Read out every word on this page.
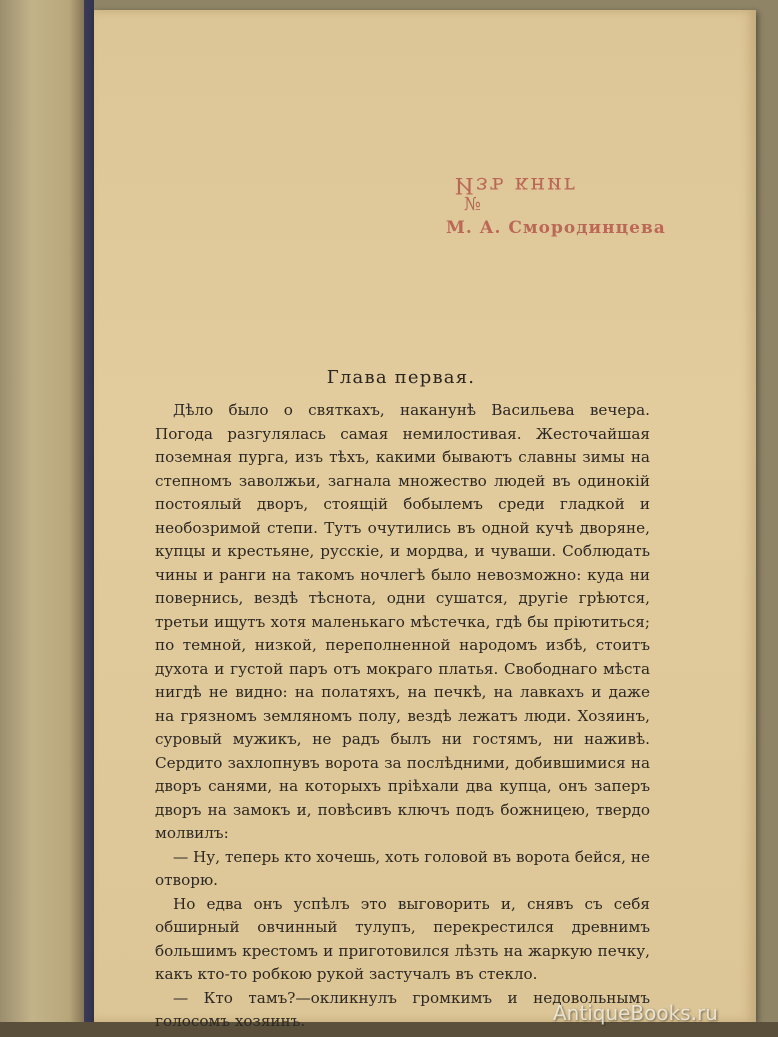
Изъ книг
№
М. А. Смородинцева
Глава первая.

Дѣло было о святкахъ, наканунѣ Васильева вечера. Погода разгулялась самая немилостивая. Жесточайшая поземная пурга, изъ тѣхъ, какими бываютъ славны зимы на степномъ заволжьи, загнала множество людей въ одинокій постоялый дворъ, стоящій бобылемъ среди гладкой и необозримой степи. Тутъ очутились въ одной кучѣ дворяне, купцы и крестьяне, русскіе, и мордва, и чуваши. Соблюдать чины и ранги на такомъ ночлегѣ было невозможно: куда ни повернись, вездѣ тѣснота, одни сушатся, другіе грѣются, третьи ищутъ хотя маленькаго мѣстечка, гдѣ бы пріютиться; по темной, низкой, переполненной народомъ избѣ, стоитъ духота и густой паръ отъ мокраго платья. Свободнаго мѣста нигдѣ не видно: на полатяхъ, на печкѣ, на лавкахъ и даже на грязномъ земляномъ полу, вездѣ лежатъ люди. Хозяинъ, суровый мужикъ, не радъ былъ ни гостямъ, ни наживѣ. Сердито захлопнувъ ворота за послѣдними, добившимися на дворъ санями, на которыхъ пріѣхали два купца, онъ заперъ дворъ на замокъ и, повѣсивъ ключъ подъ божницею, твердо молвилъ:

— Ну, теперь кто хочешь, хоть головой въ ворота бейся, не отворю.

Но едва онъ успѣлъ это выговорить и, снявъ съ себя обширный овчинный тулупъ, перекрестился древнимъ большимъ крестомъ и приготовился лѣзть на жаркую печку, какъ кто-то робкою рукой застучалъ въ стекло.

— Кто тамъ?—окликнулъ громкимъ и недовольнымъ голосомъ хозяинъ.	AntiqueBooks.ru
